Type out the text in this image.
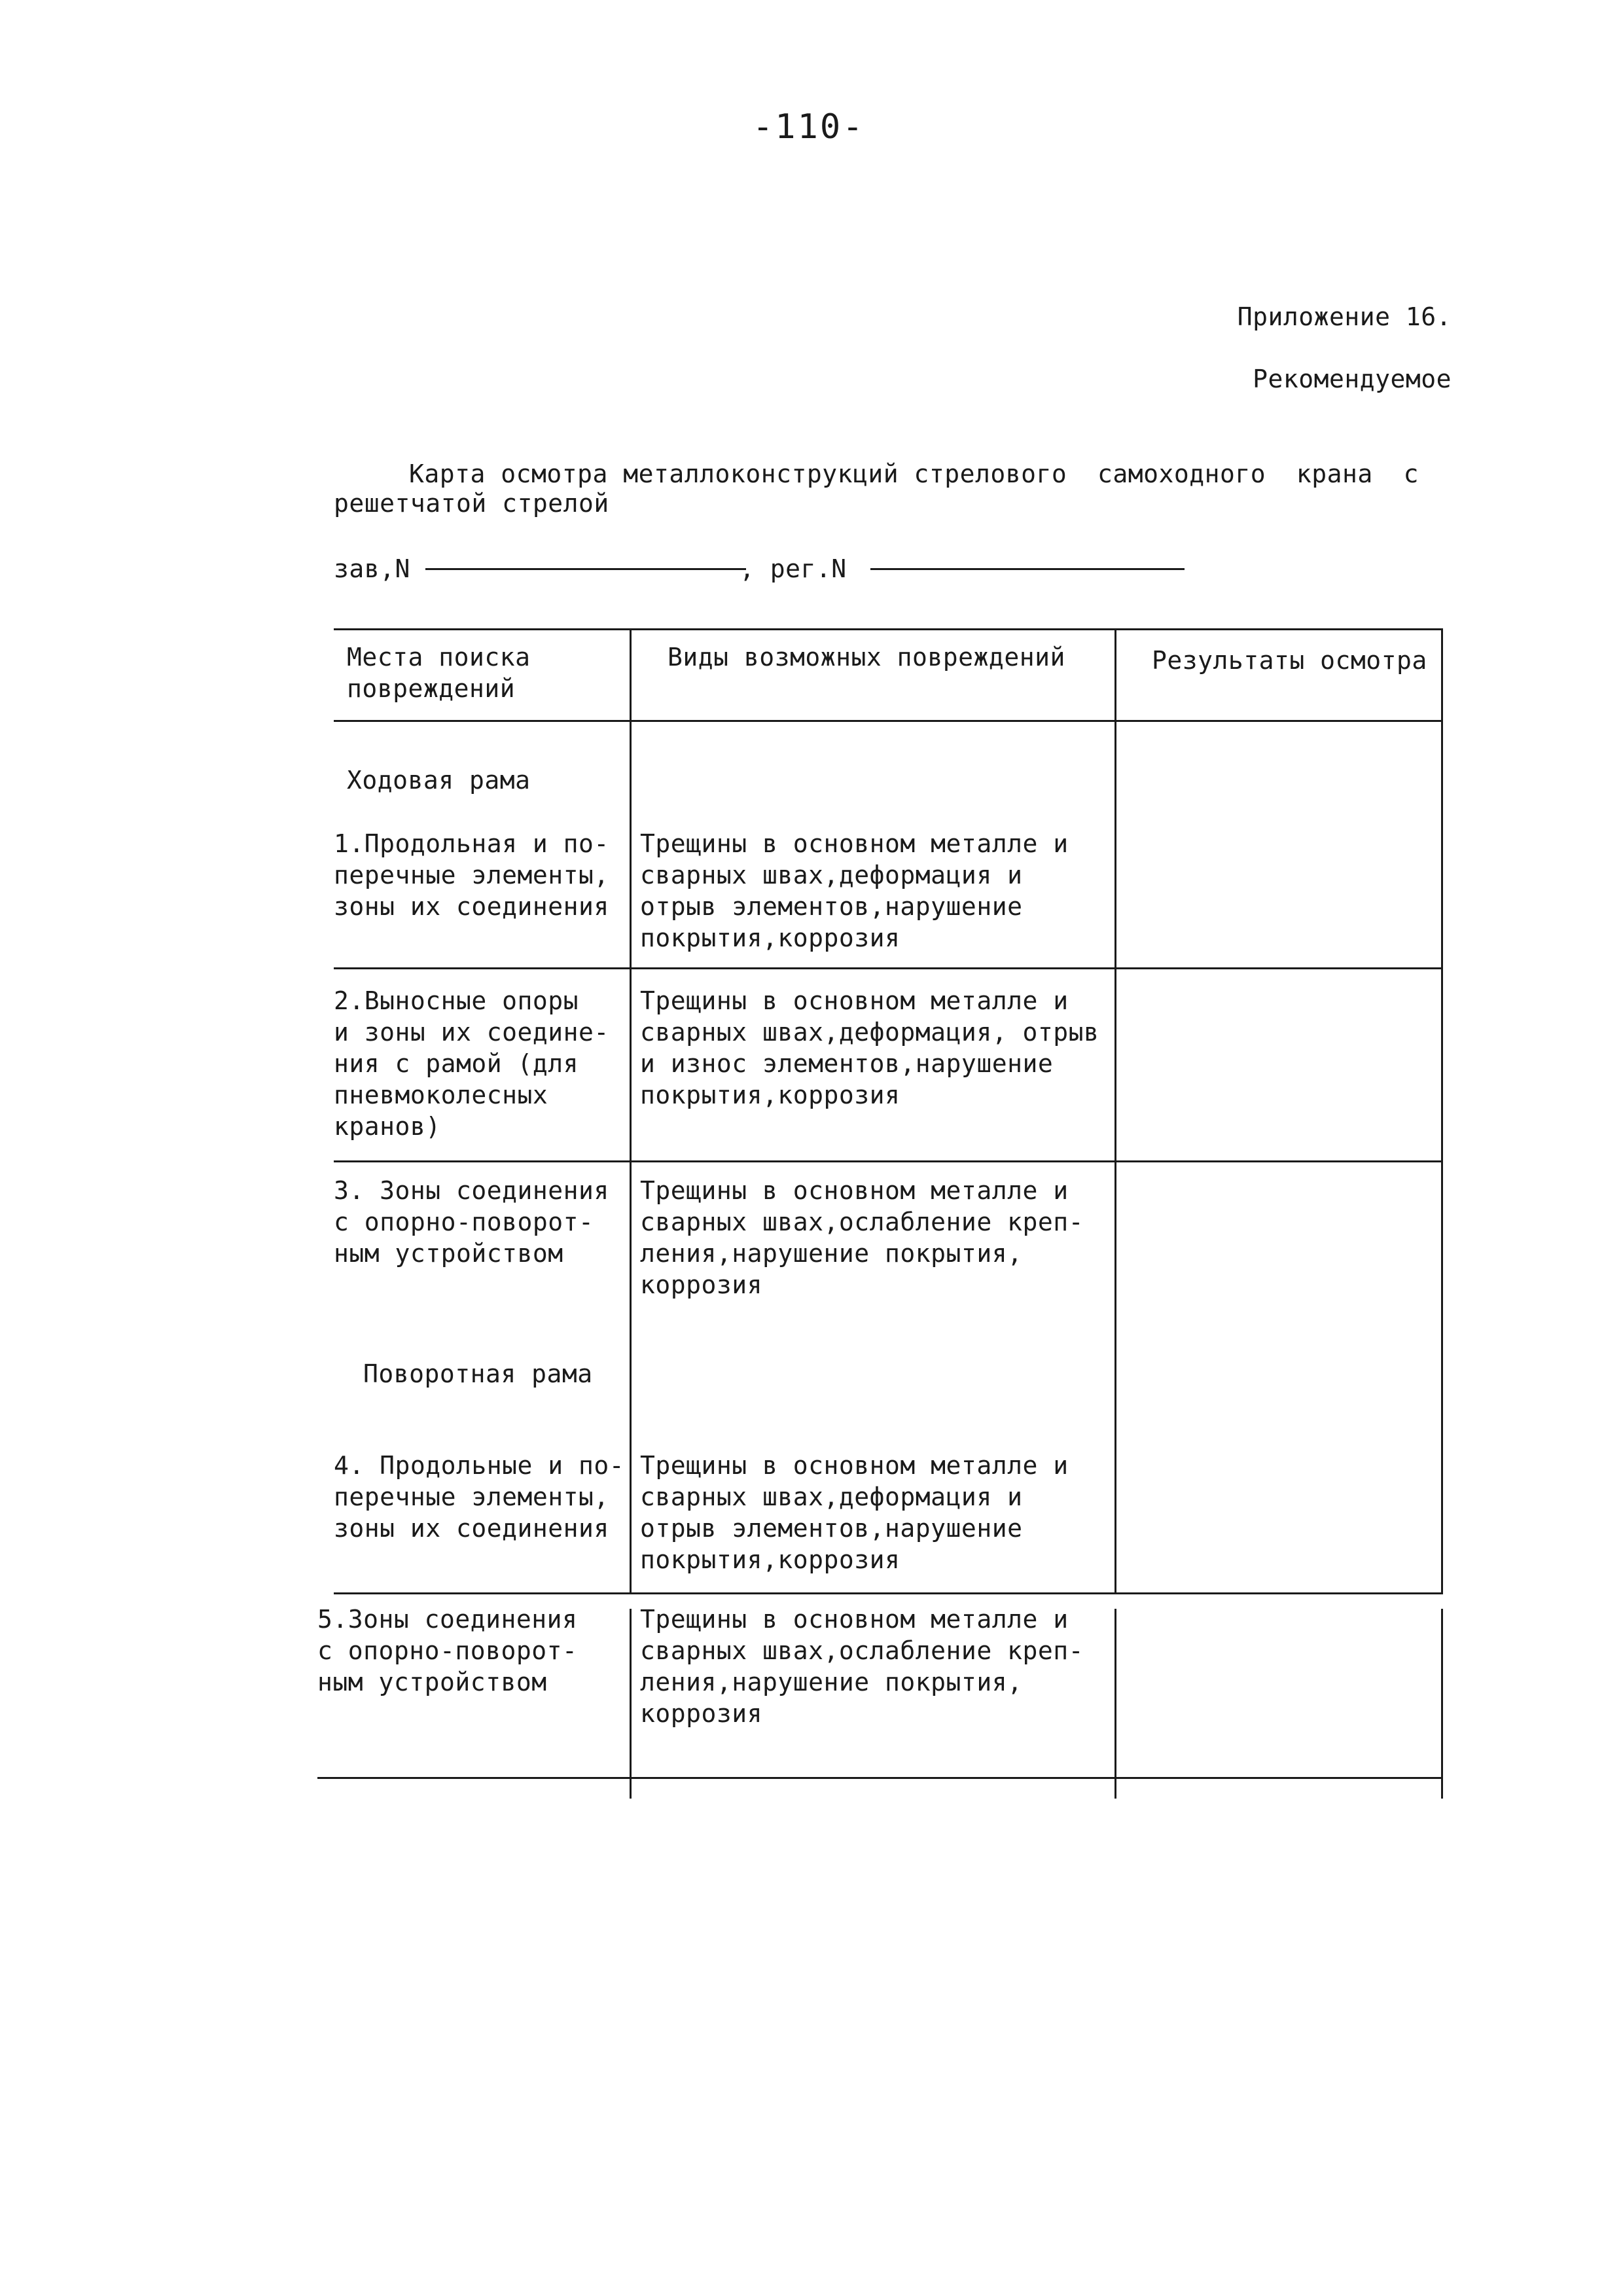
-110-
Приложение 16.
Рекомендуемое
Карта осмотра металлоконструкций стрелового  самоходного  крана  с
решетчатой стрелой
зав,N	, рег.N
Места поиска
повреждений
Виды возможных повреждений	Результаты осмотра
Ходовая рама
1.Продольная и по-
перечные элементы,
зоны их соединения
Трещины в основном металле и
сварных швах,деформация и
отрыв элементов,нарушение
покрытия,коррозия
2.Выносные опоры
и зоны их соедине-
ния с рамой (для
пневмоколесных
кранов)
Трещины в основном металле и
сварных швах,деформация, отрыв
и износ элементов,нарушение
покрытия,коррозия
3. Зоны соединения
с опорно-поворот-
ным устройством
Трещины в основном металле и
сварных швах,ослабление креп-
ления,нарушение покрытия,
коррозия
Поворотная рама
4. Продольные и по-
перечные элементы,
зоны их соединения
Трещины в основном металле и
сварных швах,деформация и
отрыв элементов,нарушение
покрытия,коррозия
5.Зоны соединения
с опорно-поворот-
ным устройством
Трещины в основном металле и
сварных швах,ослабление креп-
ления,нарушение покрытия,
коррозия
